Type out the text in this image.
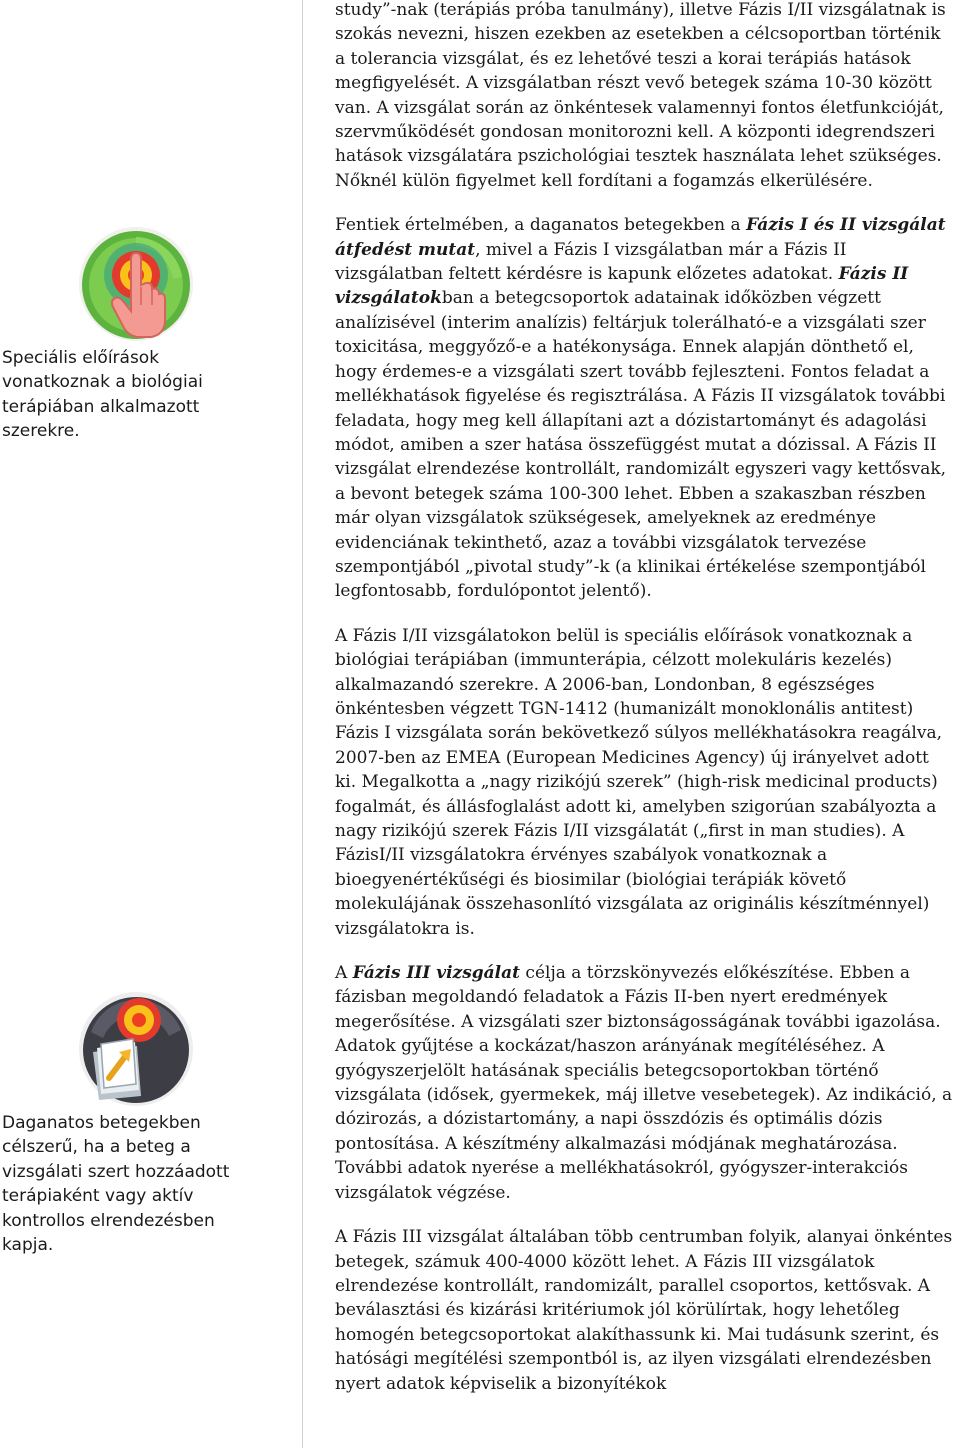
Speciális előírások vonatkoznak a biológiai terápiában alkalmazott szerekre.
Daganatos betegekben célszerű, ha a beteg a vizsgálati szert hozzáadott terápiaként vagy aktív kontrollos elrendezésben kapja.

study”-nak (terápiás próba tanulmány), illetve Fázis I/II vizsgálatnak is szokás nevezni, hiszen ezekben az esetekben a célcsoportban történik a tolerancia vizsgálat, és ez lehetővé teszi a korai terápiás hatások megfigyelését. A vizsgálatban részt vevő betegek száma 10-30 között van. A vizsgálat során az önkéntesek valamennyi fontos életfunkcióját, szervműködését gondosan monitorozni kell. A központi idegrendszeri hatások vizsgálatára pszichológiai tesztek használata lehet szükséges. Nőknél külön figyelmet kell fordítani a fogamzás elkerülésére.

Fentiek értelmében, a daganatos betegekben a Fázis I és II vizsgálat átfedést mutat, mivel a Fázis I vizsgálatban már a Fázis II vizsgálatban feltett kérdésre is kapunk előzetes adatokat. Fázis II vizsgálatokban a betegcsoportok adatainak időközben végzett analízisével (interim analízis) feltárjuk tolerálható-e a vizsgálati szer toxicitása, meggyőző-e a hatékonysága. Ennek alapján dönthető el, hogy érdemes-e a vizsgálati szert tovább fejleszteni. Fontos feladat a mellékhatások figyelése és regisztrálása. A Fázis II vizsgálatok további feladata, hogy meg kell állapítani azt a dózistartományt és adagolási módot, amiben a szer hatása összefüggést mutat a dózissal. A Fázis II vizsgálat elrendezése kontrollált, randomizált egyszeri vagy kettősvak, a bevont betegek száma 100-300 lehet. Ebben a szakaszban részben már olyan vizsgálatok szükségesek, amelyeknek az eredménye evidenciának tekinthető, azaz a további vizsgálatok tervezése szempontjából „pivotal study”-k (a klinikai értékelése szempontjából legfontosabb, fordulópontot jelentő).

A Fázis I/II vizsgálatokon belül is speciális előírások vonatkoznak a biológiai terápiában (immunterápia, célzott molekuláris kezelés) alkalmazandó szerekre. A 2006-ban, Londonban, 8 egészséges önkéntesben végzett TGN-1412 (humanizált monoklonális antitest) Fázis I vizsgálata során bekövetkező súlyos mellékhatásokra reagálva, 2007-ben az EMEA (European Medicines Agency) új irányelvet adott ki. Megalkotta a „nagy rizikójú szerek” (high-risk medicinal products) fogalmát, és állásfoglalást adott ki, amelyben szigorúan szabályozta a nagy rizikójú szerek Fázis I/II vizsgálatát („first in man studies). A FázisI/II vizsgálatokra érvényes szabályok vonatkoznak a bioegyenértékűségi és biosimilar (biológiai terápiák követő molekulájának összehasonlító vizsgálata az originális készítménnyel) vizsgálatokra is.

A Fázis III vizsgálat célja a törzskönyvezés előkészítése. Ebben a fázisban megoldandó feladatok a Fázis II-ben nyert eredmények megerősítése. A vizsgálati szer biztonságosságának további igazolása. Adatok gyűjtése a kockázat/haszon arányának megítéléséhez. A gyógyszerjelölt hatásának speciális betegcsoportokban történő vizsgálata (idősek, gyermekek, máj illetve vesebetegek). Az indikáció, a dózirozás, a dózistartomány, a napi összdózis és optimális dózis pontosítása. A készítmény alkalmazási módjának meghatározása. További adatok nyerése a mellékhatásokról, gyógyszer-interakciós vizsgálatok végzése.

A Fázis III vizsgálat általában több centrumban folyik, alanyai önkéntes betegek, számuk 400-4000 között lehet. A Fázis III vizsgálatok elrendezése kontrollált, randomizált, parallel csoportos, kettősvak. A beválasztási és kizárási kritériumok jól körülírtak, hogy lehetőleg homogén betegcsoportokat alakíthassunk ki. Mai tudásunk szerint, és hatósági megítélési szempontból is, az ilyen vizsgálati elrendezésben nyert adatok képviselik a bizonyítékok
